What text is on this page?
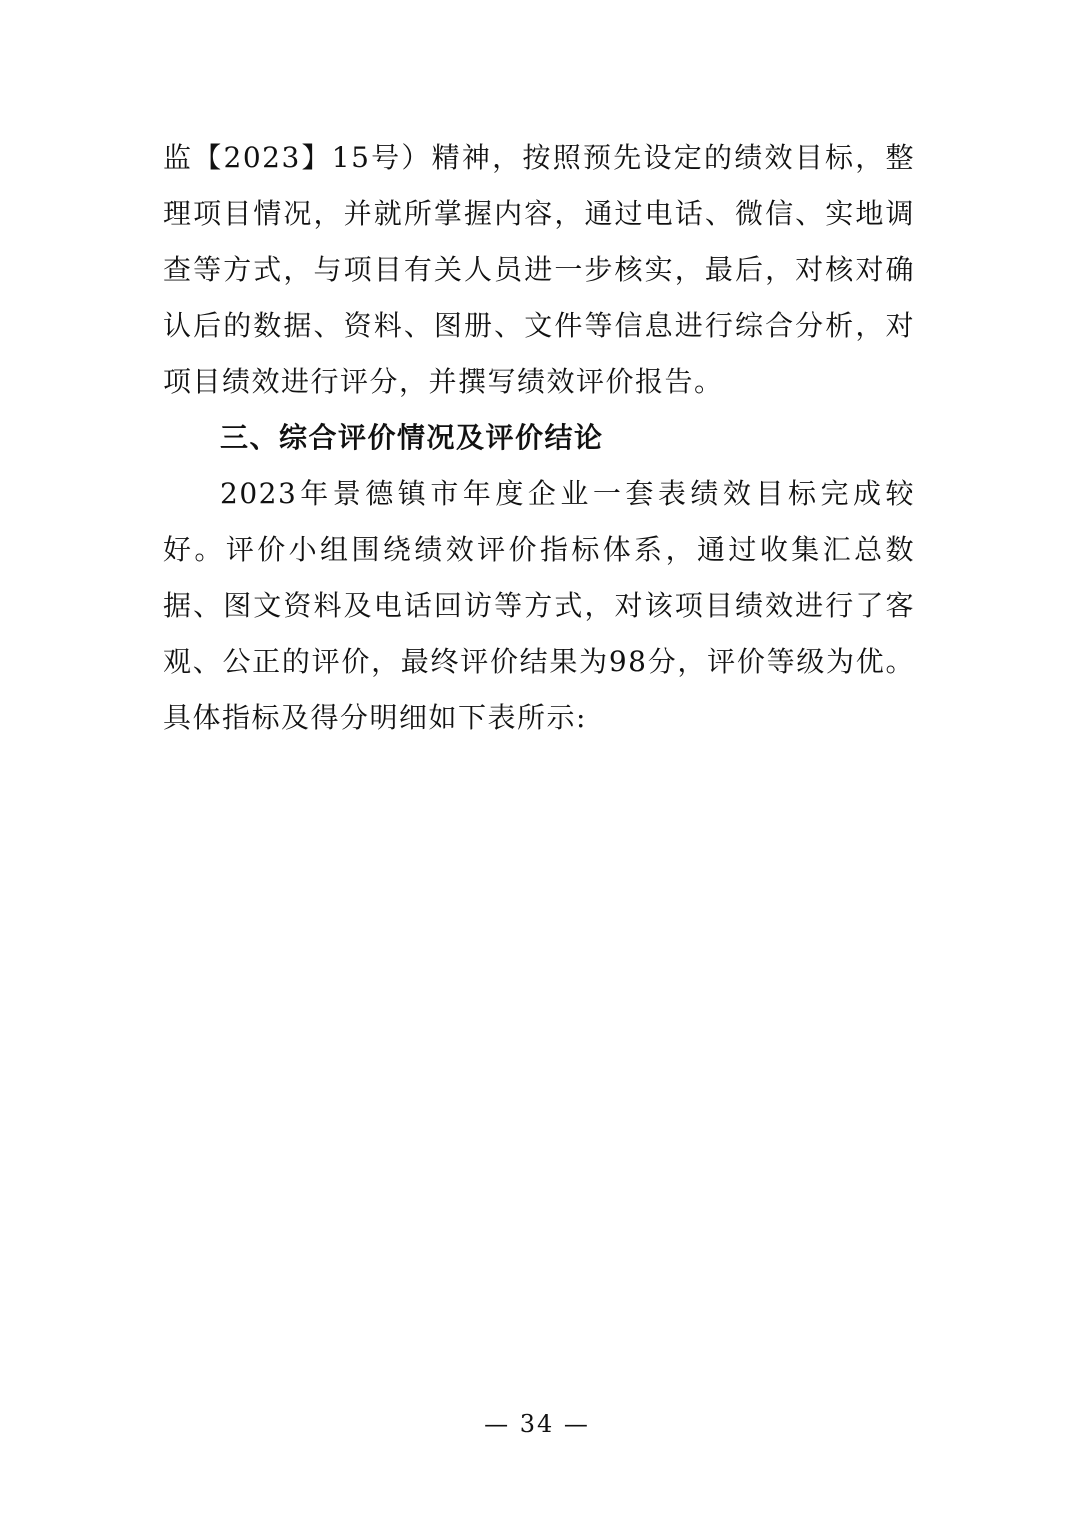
监【2023】15号）精神，按照预先设定的绩效目标，整理项目情况，并就所掌握内容，通过电话、微信、实地调查等方式，与项目有关人员进一步核实，最后，对核对确认后的数据、资料、图册、文件等信息进行综合分析，对项目绩效进行评分，并撰写绩效评价报告。

三、综合评价情况及评价结论

2023年景德镇市年度企业一套表绩效目标完成较好。评价小组围绕绩效评价指标体系，通过收集汇总数据、图文资料及电话回访等方式，对该项目绩效进行了客观、公正的评价，最终评价结果为98分，评价等级为优。具体指标及得分明细如下表所示:

— 34 —
